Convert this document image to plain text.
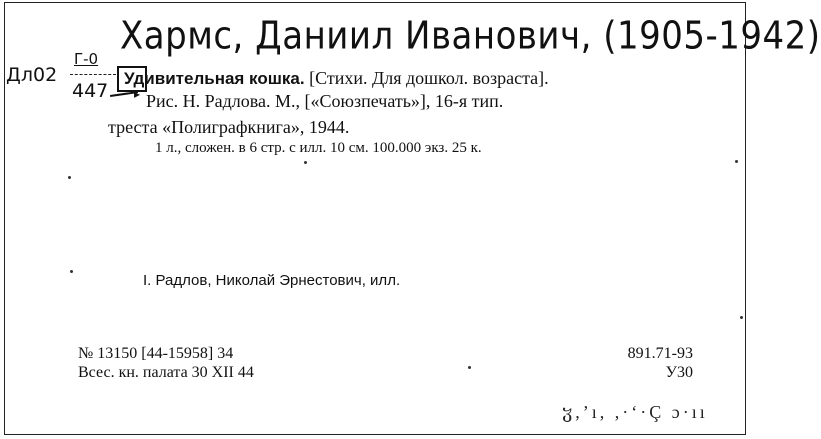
Хармс, Даниил Иванович, (1905-1942)
Дл02
Г-0
447 ▸
Удивительная кошка. [Стихи. Для дошкол. возраста].
Рис. Н. Радлова. М., [«Союзпечать»], 16-я тип.
треста «Полиграфкнига», 1944.
1 л., сложен. в 6 стр. с илл. 10 см. 100.000 экз. 25 к.
I. Радлов, Николай Эрнестович, илл.
№ 13150 [44-15958] 34
Всес. кн. палата 30 XII 44
891.71-93
У30
ჳ,ʼı, ,·ʻ·Ç ɔ·ıı
